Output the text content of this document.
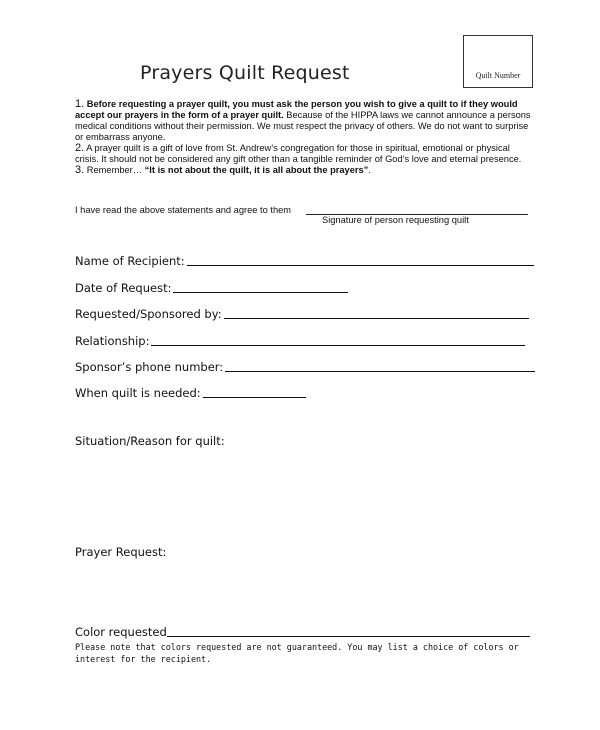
Prayers Quilt Request	Quilt Number

1. Before requesting a prayer quilt, you must ask the person you wish to give a quilt to if they would accept our prayers in the form of a prayer quilt. Because of the HIPPA laws we cannot announce a persons medical conditions without their permission. We must respect the privacy of others. We do not want to surprise or embarrass anyone.

2. A prayer quilt is a gift of love from St. Andrew’s congregation for those in spiritual, emotional or physical crisis. It should not be considered any gift other than a tangible reminder of God’s love and eternal presence.

3. Remember… “It is not about the quilt, it is all about the prayers”.

I have read the above statements and agree to them
Signature of person requesting quilt
Name of Recipient:
Date of Request:
Requested/Sponsored by:
Relationship:
Sponsor’s phone number:
When quilt is needed:
Situation/Reason for quilt:
Prayer Request:
Color requested
Please note that colors requested are not guaranteed. You may list a choice of colors or interest for the recipient.
